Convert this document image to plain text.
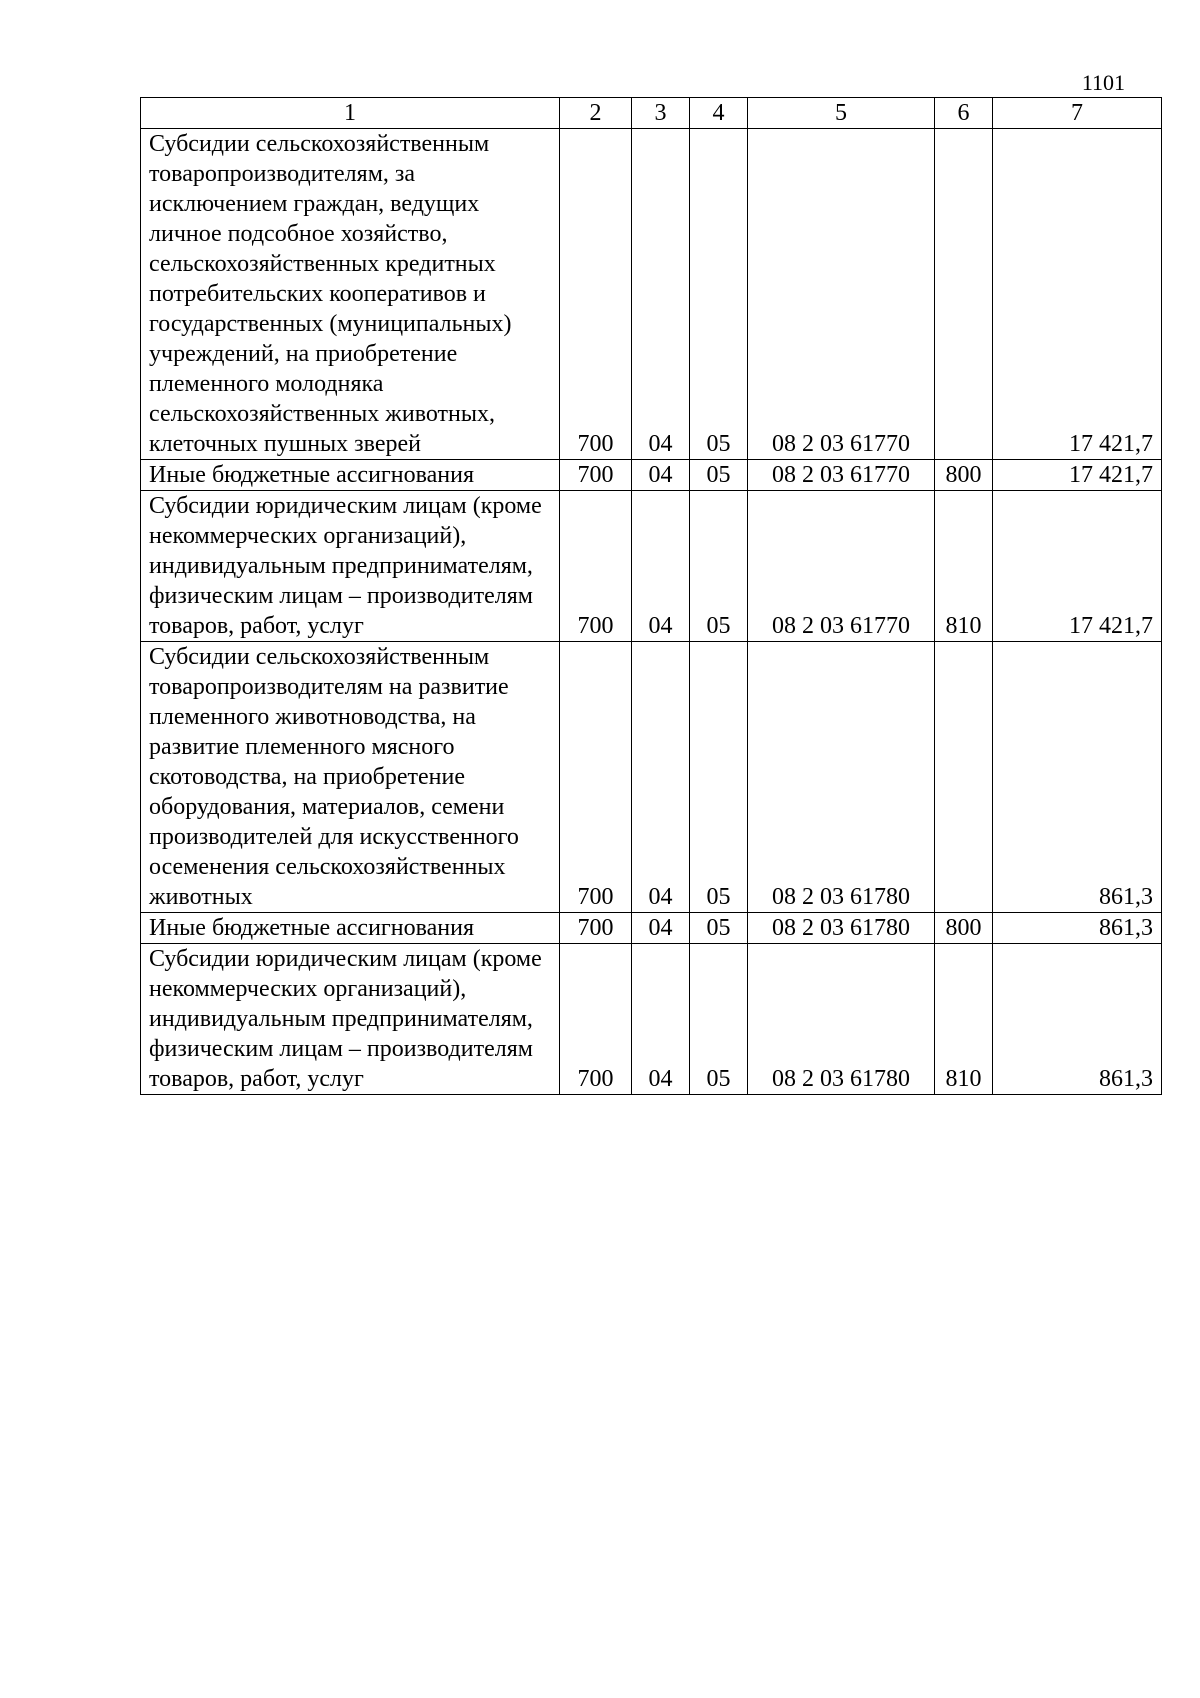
1101
1	2	3	4	5	6	7
Субсидии сельскохозяйственным товаропроизводителям, за исключением граждан, ведущих личное подсобное хозяйство, сельскохозяйственных кредитных потребительских кооперативов и государственных (муниципальных) учреждений, на приобретение племенного молодняка сельскохозяйственных животных, клеточных пушных зверей	700	04	05	08 2 03 61770		17 421,7
Иные бюджетные ассигнования	700	04	05	08 2 03 61770	800	17 421,7
Субсидии юридическим лицам (кроме некоммерческих организаций), индивидуальным предпринимателям, физическим лицам – производителям товаров, работ, услуг	700	04	05	08 2 03 61770	810	17 421,7
Субсидии сельскохозяйственным товаропроизводителям на развитие племенного животноводства, на развитие племенного мясного скотоводства, на приобретение оборудования, материалов, семени производителей для искусственного осеменения сельскохозяйственных животных	700	04	05	08 2 03 61780		861,3
Иные бюджетные ассигнования	700	04	05	08 2 03 61780	800	861,3
Субсидии юридическим лицам (кроме некоммерческих организаций), индивидуальным предпринимателям, физическим лицам – производителям товаров, работ, услуг	700	04	05	08 2 03 61780	810	861,3
